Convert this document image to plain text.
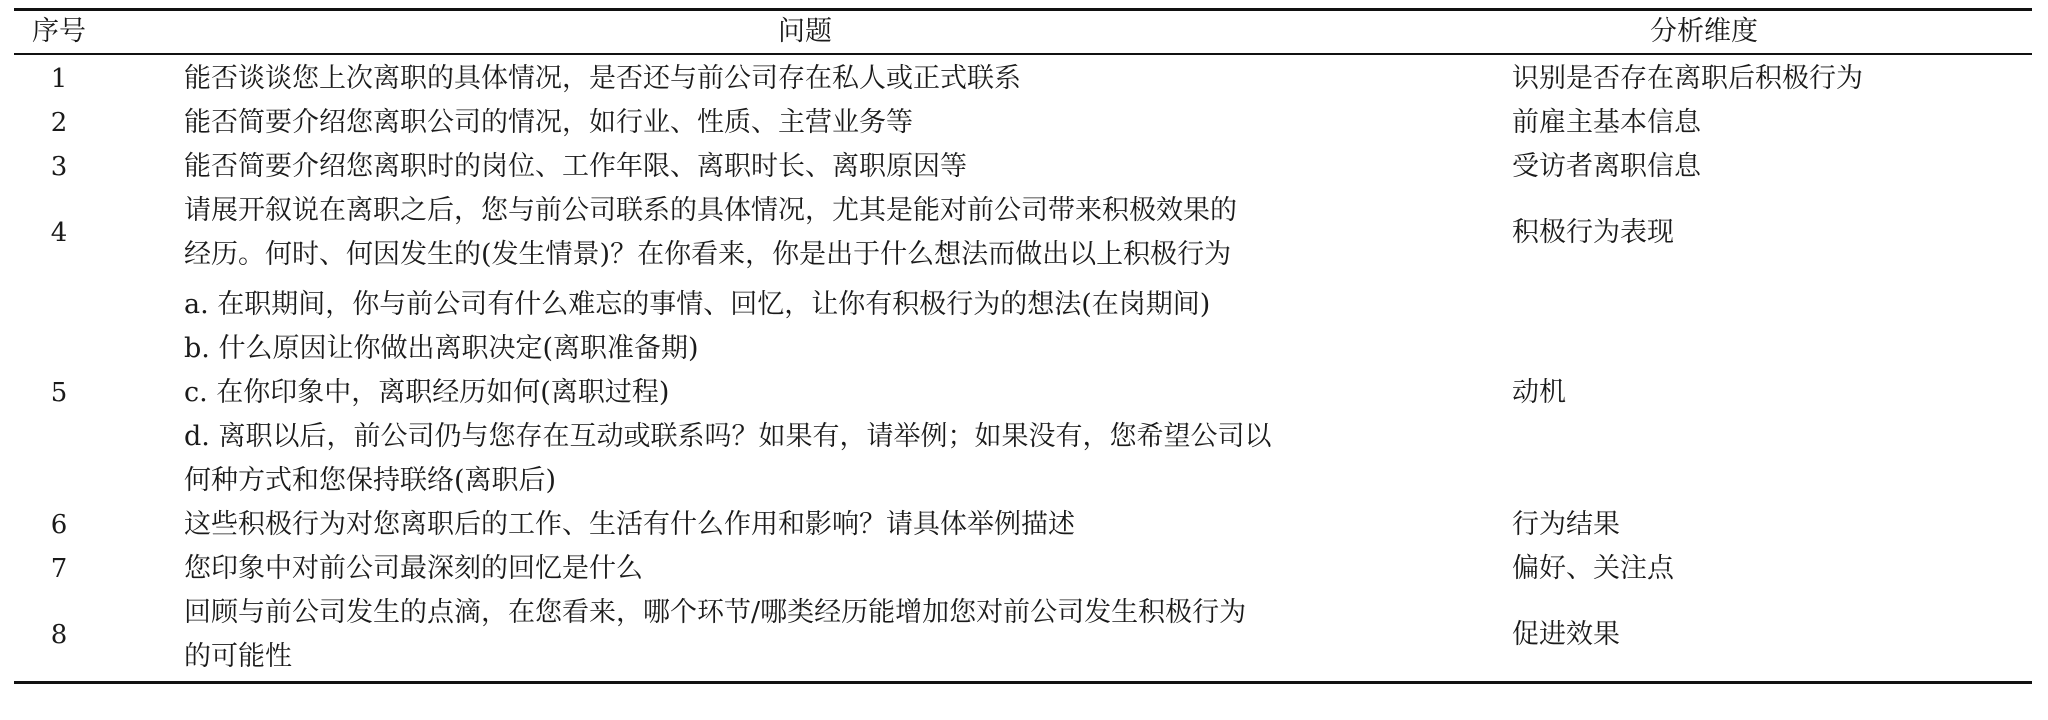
序号	问题	分析维度
1	能否谈谈您上次离职的具体情况，是否还与前公司存在私人或正式联系	识别是否存在离职后积极行为
2	能否简要介绍您离职公司的情况，如行业、性质、主营业务等	前雇主基本信息
3	能否简要介绍您离职时的岗位、工作年限、离职时长、离职原因等	受访者离职信息
4	请展开叙说在离职之后，您与前公司联系的具体情况，尤其是能对前公司带来积极效果的
经历。何时、何因发生的(发生情景)？在你看来，你是出于什么想法而做出以上积极行为	积极行为表现
5	a. 在职期间，你与前公司有什么难忘的事情、回忆，让你有积极行为的想法(在岗期间)
b. 什么原因让你做出离职决定(离职准备期)
c. 在你印象中，离职经历如何(离职过程)
d. 离职以后，前公司仍与您存在互动或联系吗？如果有，请举例；如果没有，您希望公司以
何种方式和您保持联络(离职后)	动机
6	这些积极行为对您离职后的工作、生活有什么作用和影响？请具体举例描述	行为结果
7	您印象中对前公司最深刻的回忆是什么	偏好、关注点
8	回顾与前公司发生的点滴，在您看来，哪个环节/哪类经历能增加您对前公司发生积极行为
的可能性	促进效果
